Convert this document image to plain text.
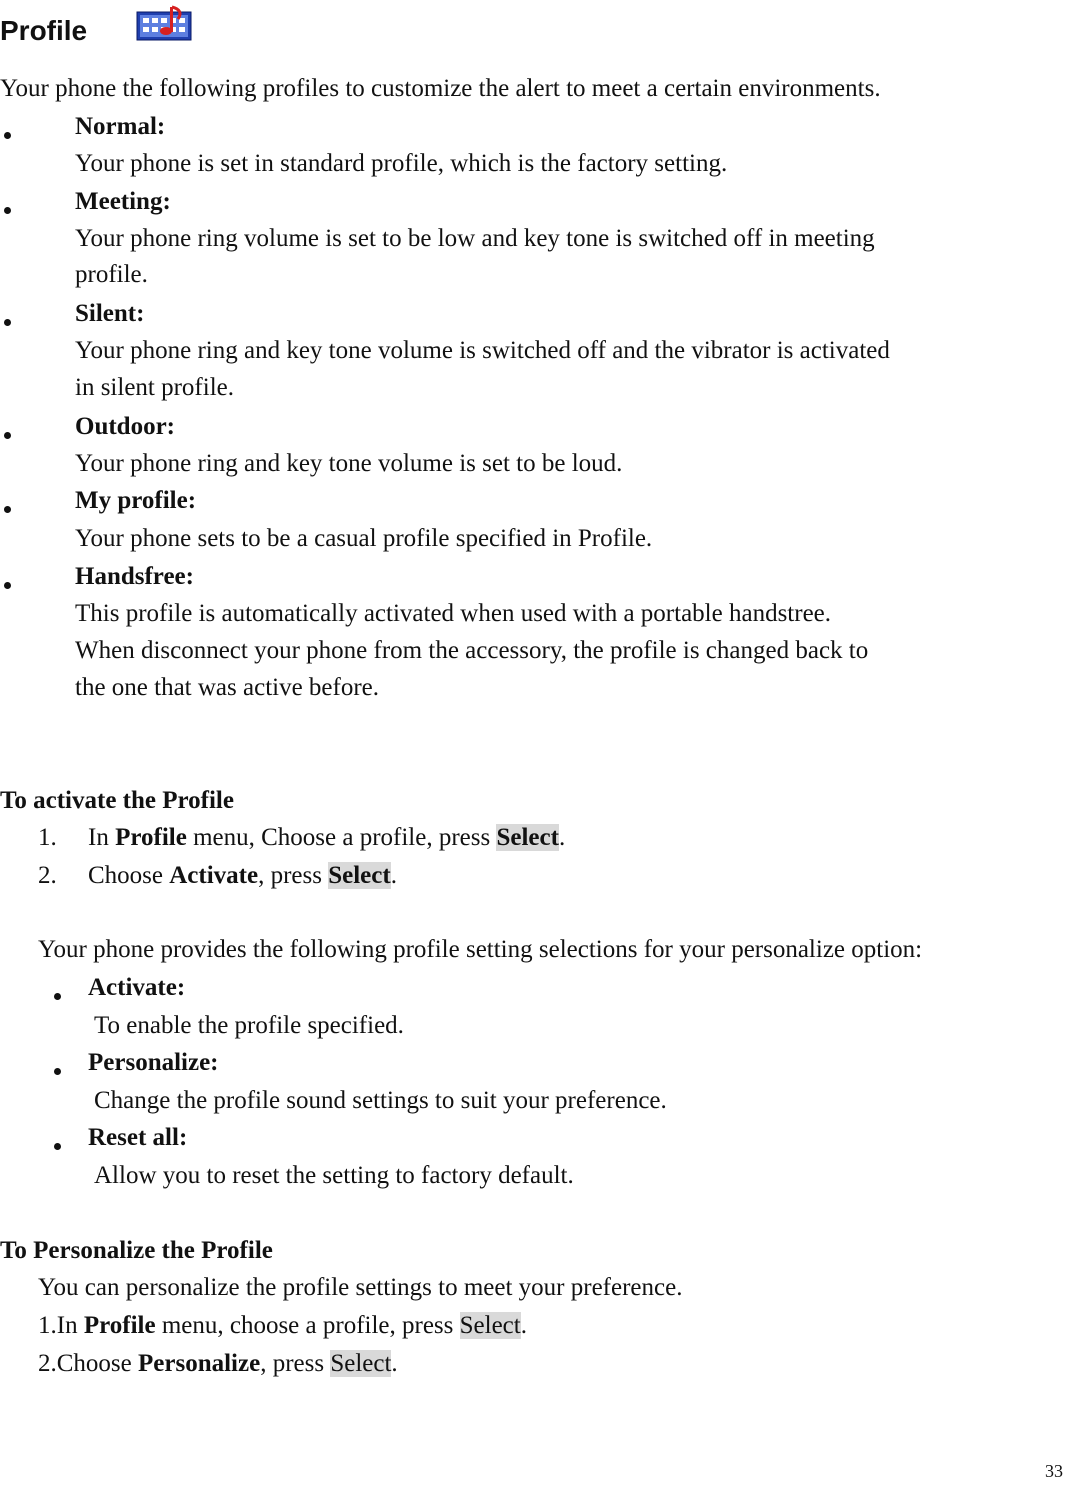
Profile
Your phone the following profiles to customize the alert to meet a certain environments.
Normal:
Your phone is set in standard profile, which is the factory setting.
Meeting:
Your phone ring volume is set to be low and key tone is switched off in meeting
profile.
Silent:
Your phone ring and key tone volume is switched off and the vibrator is activated
in silent profile.
Outdoor:
Your phone ring and key tone volume is set to be loud.
My profile:
Your phone sets to be a casual profile specified in Profile.
Handsfree:
This profile is automatically activated when used with a portable handstree.
When disconnect your phone from the accessory, the profile is changed back to
the one that was active before.
To activate the Profile
1. In Profile menu, Choose a profile, press Select.
2. Choose Activate, press Select.
Your phone provides the following profile setting selections for your personalize option:
Activate:
To enable the profile specified.
Personalize:
Change the profile sound settings to suit your preference.
Reset all:
Allow you to reset the setting to factory default.
To Personalize the Profile
You can personalize the profile settings to meet your preference.
1.In Profile menu, choose a profile, press Select.
2.Choose Personalize, press Select.
33
